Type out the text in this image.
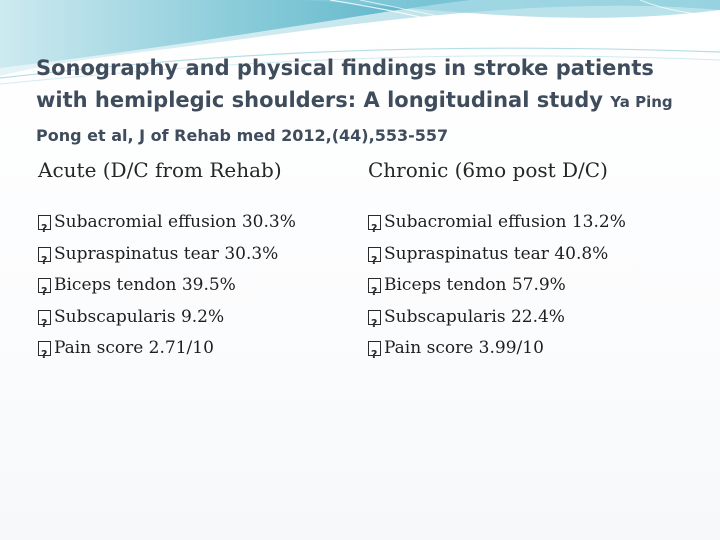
Sonography and physical findings in stroke patients
with hemiplegic shoulders: A longitudinal study Ya Ping
Pong et al, J of Rehab med 2012,(44),553-557

Acute (D/C from Rehab)

?
Subacromial effusion 30.3%
?
Supraspinatus tear 30.3%
?
Biceps tendon 39.5%
?
Subscapularis 9.2%
?
Pain score 2.71/10

Chronic (6mo post D/C)

?
Subacromial effusion 13.2%
?
Supraspinatus tear 40.8%
?
Biceps tendon 57.9%
?
Subscapularis 22.4%
?
Pain score 3.99/10
